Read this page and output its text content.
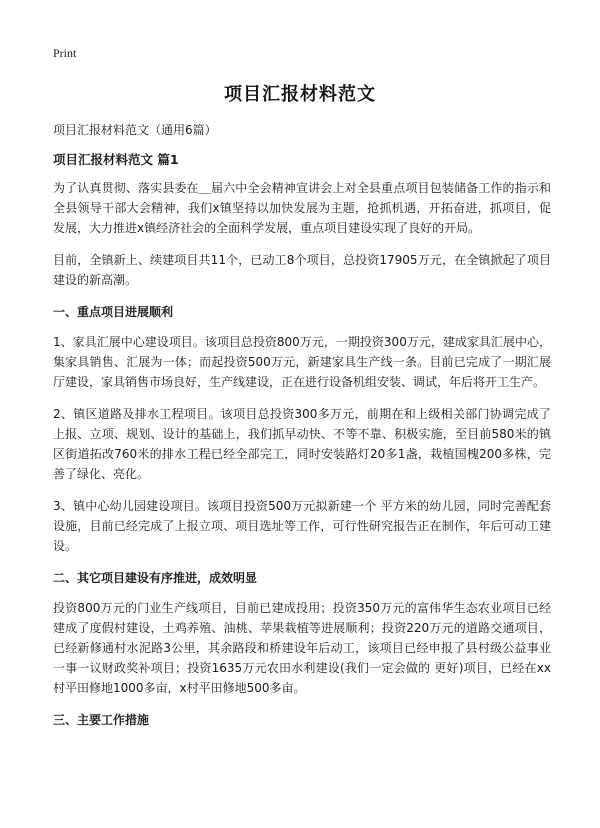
Print
项目汇报材料范文

项目汇报材料范文（通用6篇）

项目汇报材料范文 篇1

为了认真贯彻、落实县委在＿届六中全会精神宣讲会上对全县重点项目包装储备工作的指示和全县领导干部大会精神，我们x镇坚持以加快发展为主题，抢抓机遇，开拓奋进，抓项目，促发展，大力推进x镇经济社会的全面科学发展，重点项目建设实现了良好的开局。

目前，全镇新上、续建项目共11个，已动工8个项目，总投资17905万元，在全镇掀起了项目建设的新高潮。

一、重点项目进展顺利

1、家具汇展中心建设项目。该项目总投资800万元，一期投资300万元，建成家具汇展中心，集家具销售、汇展为一体；而起投资500万元，新建家具生产线一条。目前已完成了一期汇展厅建设，家具销售市场良好，生产线建设，正在进行设备机组安装、调试，年后将开工生产。

2、镇区道路及排水工程项目。该项目总投资300多万元，前期在和上级相关部门协调完成了上报、立项、规划、设计的基础上，我们抓早动快、不等不靠、积极实施，至目前580米的镇区街道拓改760米的排水工程已经全部完工，同时安装路灯20多1盏，栽植国槐200多株，完善了绿化、亮化。

3、镇中心幼儿园建设项目。该项目投资500万元拟新建一个 平方米的幼儿园，同时完善配套设施，目前已经完成了上报立项、项目选址等工作，可行性研究报告正在制作，年后可动工建设。

二、其它项目建设有序推进，成效明显

投资800万元的门业生产线项目，目前已建成投用；投资350万元的富伟华生态农业项目已经建成了度假村建设，土鸡养殖、油桃、苹果栽植等进展顺利；投资220万元的道路交通项目，已经新修通村水泥路3公里，其余路段和桥建设年后动工，该项目已经申报了县村级公益事业一事一议财政奖补项目；投资1635万元农田水利建设(我们一定会做的 更好)项目，已经在xx村平田修地1000多亩，x村平田修地500多亩。

三、主要工作措施
